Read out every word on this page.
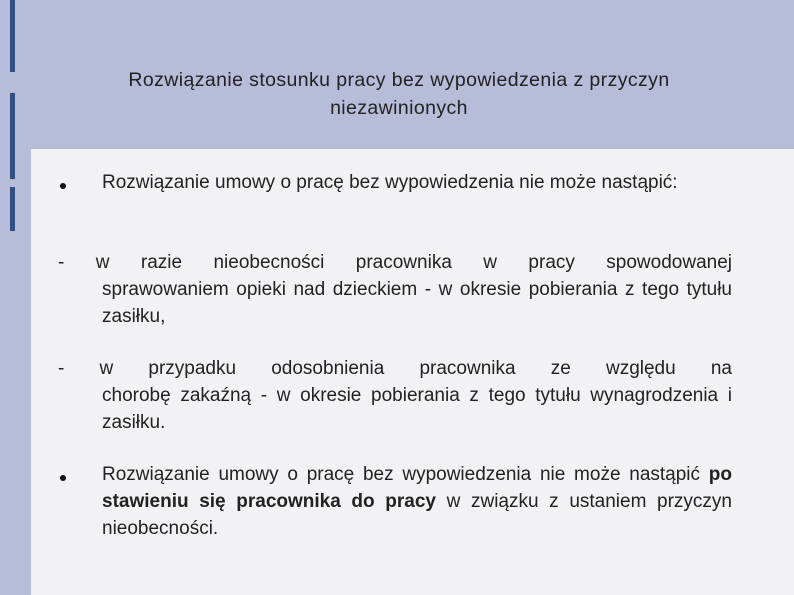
Rozwiązanie stosunku pracy bez wypowiedzenia z przyczyn niezawinionych
Rozwiązanie umowy o pracę bez wypowiedzenia nie może nastąpić:
- w razie nieobecności pracownika w pracy spowodowanej
sprawowaniem opieki nad dzieckiem - w okresie pobierania z tego tytułu zasiłku,
- w przypadku odosobnienia pracownika ze względu na
chorobę zakaźną - w okresie pobierania z tego tytułu wynagrodzenia i zasiłku.
Rozwiązanie umowy o pracę bez wypowiedzenia nie może nastąpić po stawieniu się pracownika do pracy w związku z ustaniem przyczyn nieobecności.
